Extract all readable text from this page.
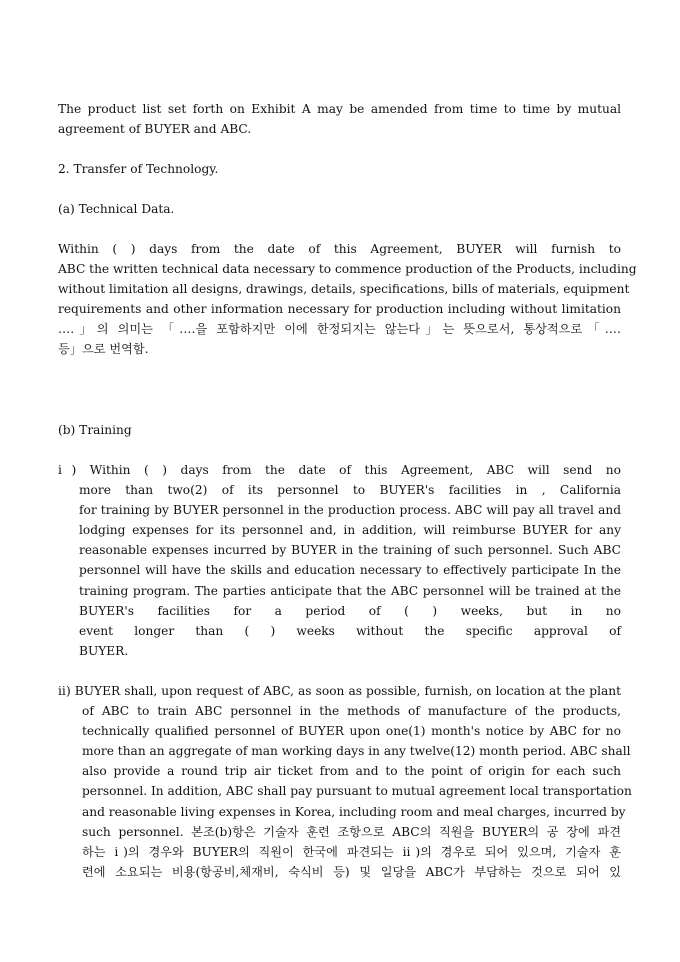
The product list set forth on Exhibit A may be amended from time to time by mutual
agreement of BUYER and ABC.
2. Transfer of Technology.
(a) Technical Data.
Within ( ) days from the date of this Agreement, BUYER will furnish to
ABC the written technical data necessary to commence production of the Products, including
without limitation all designs, drawings, details, specifications, bills of materials, equipment
requirements and other information necessary for production including without limitation
‥‥」의 의미는 「‥‥을 포함하지만 이에 한정되지는 않는다」는 뜻으로서, 통상적으로「‥‥
등」으로 번역함.
(b) Training
ⅰ) Within ( ) days from the date of this Agreement, ABC will send no
more than two(2) of its personnel to BUYER's facilities in , California
for training by BUYER personnel in the production process. ABC will pay all travel and
lodging expenses for its personnel and, in addition, will reimburse BUYER for any
reasonable expenses incurred by BUYER in the training of such personnel. Such ABC
personnel will have the skills and education necessary to effectively participate In the
training program. The parties anticipate that the ABC personnel will be trained at the
BUYER's facilities for a period of ( ) weeks, but in no
event longer than ( ) weeks without the specific approval of
BUYER.
ⅱ) BUYER shall, upon request of ABC, as soon as possible, furnish, on location at the plant
of ABC to train ABC personnel in the methods of manufacture of the products,
technically qualified personnel of BUYER upon one(1) month's notice by ABC for no
more than an aggregate of man working days in any twelve(12) month period. ABC shall
also provide a round trip air ticket from and to the point of origin for each such
personnel. In addition, ABC shall pay pursuant to mutual agreement local transportation
and reasonable living expenses in Korea, including room and meal charges, incurred by
such personnel. 본조(b)항은 기술자 훈련 조항으로 ABC의 직원을 BUYER의 공 장에 파견
하는 ⅰ)의 경우와 BUYER의 직원이 한국에 파견되는 ⅱ)의 경우로 되어 있으며, 기술자 훈
련에 소요되는 비용(항공비,체재비, 숙식비 등) 및 일당을 ABC가 부담하는 것으로 되어 있
